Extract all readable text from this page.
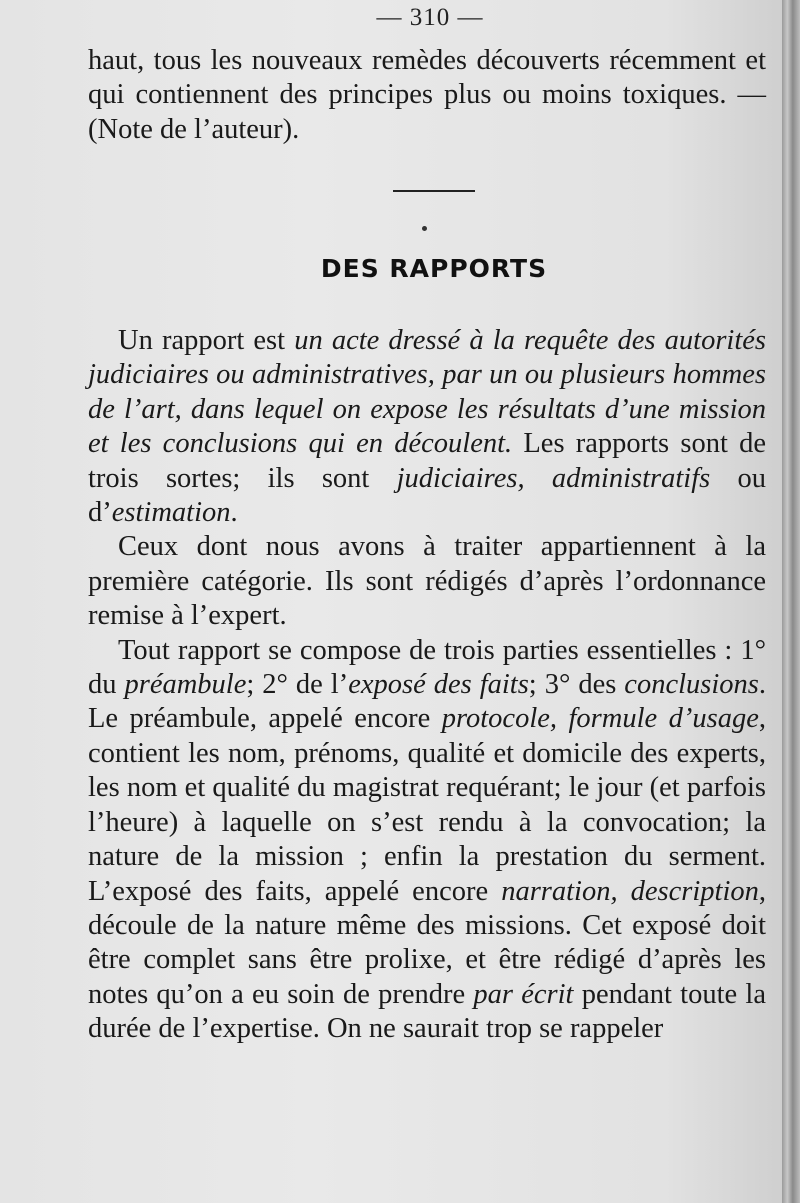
— 310 —

haut, tous les nouveaux remèdes découverts récemment et qui contiennent des principes plus ou moins toxiques. — (Note de l’auteur).

DES RAPPORTS

Un rapport est un acte dressé à la requête des autorités judiciaires ou administratives, par un ou plusieurs hommes de l’art, dans lequel on expose les résultats d’une mission et les conclusions qui en découlent. Les rapports sont de trois sortes; ils sont judiciaires, administratifs ou d’estimation.

Ceux dont nous avons à traiter appartiennent à la première catégorie. Ils sont rédigés d’après l’ordonnance remise à l’expert.

Tout rapport se compose de trois parties essentielles : 1° du préambule; 2° de l’exposé des faits; 3° des conclusions. Le préambule, appelé encore protocole, formule d’usage, contient les nom, prénoms, qualité et domicile des experts, les nom et qualité du magistrat requérant; le jour (et parfois l’heure) à laquelle on s’est rendu à la convocation; la nature de la mission ; enfin la prestation du serment. L’exposé des faits, appelé encore narration, description, découle de la nature même des missions. Cet exposé doit être complet sans être prolixe, et être rédigé d’après les notes qu’on a eu soin de prendre par écrit pendant toute la durée de l’expertise. On ne saurait trop se rappeler
